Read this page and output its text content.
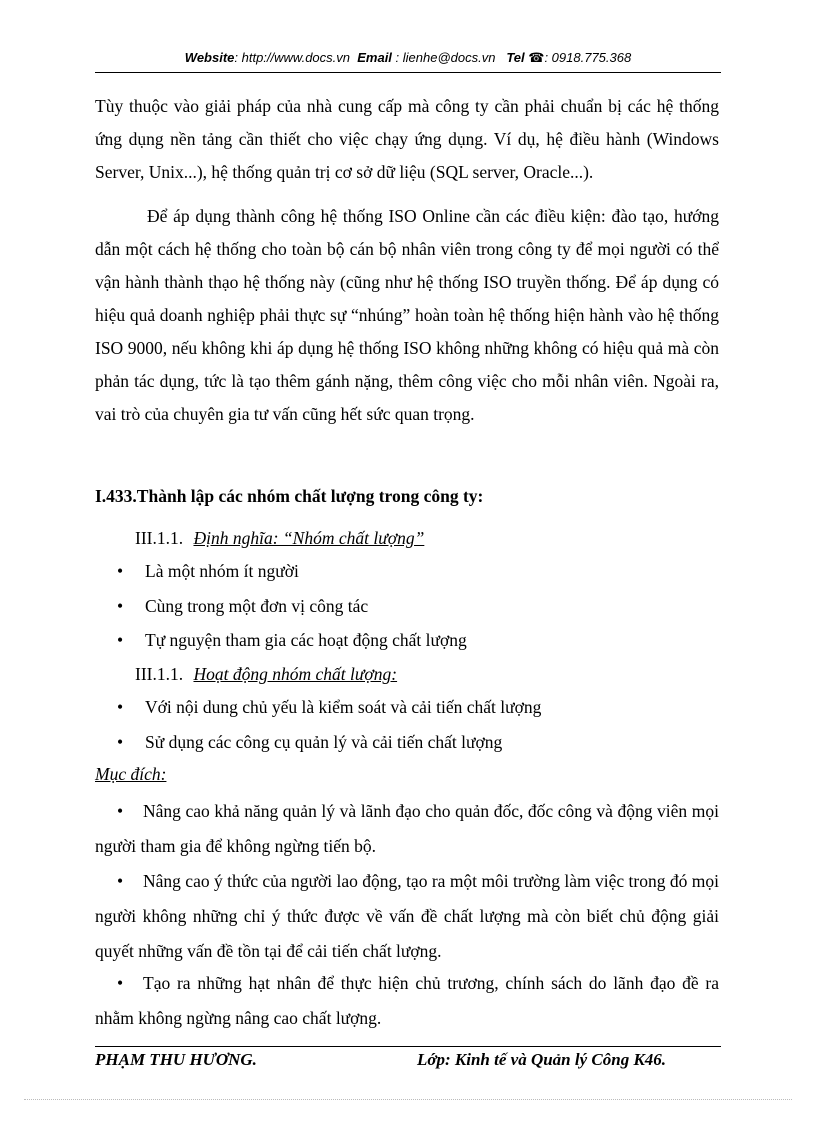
Website: http://www.docs.vn Email : lienhe@docs.vn Tel ☎: 0918.775.368
Tùy thuộc vào giải pháp của nhà cung cấp mà công ty cần phải chuẩn bị các hệ thống ứng dụng nền tảng cần thiết cho việc chạy ứng dụng. Ví dụ, hệ điều hành (Windows Server, Unix...), hệ thống quản trị cơ sở dữ liệu (SQL server, Oracle...).
Để áp dụng thành công hệ thống ISO Online cần các điều kiện: đào tạo, hướng dẫn một cách hệ thống cho toàn bộ cán bộ nhân viên trong công ty để mọi người có thể vận hành thành thạo hệ thống này (cũng như hệ thống ISO truyền thống. Để áp dụng có hiệu quả doanh nghiệp phải thực sự “nhúng” hoàn toàn hệ thống hiện hành vào hệ thống ISO 9000, nếu không khi áp dụng hệ thống ISO không những không có hiệu quả mà còn phản tác dụng, tức là tạo thêm gánh nặng, thêm công việc cho mỗi nhân viên. Ngoài ra, vai trò của chuyên gia tư vấn cũng hết sức quan trọng.
I.433.Thành lập các nhóm chất lượng trong công ty:
III.1.1. Định nghĩa: “Nhóm chất lượng”
• Là một nhóm ít người
• Cùng trong một đơn vị công tác
• Tự nguyện tham gia các hoạt động chất lượng
III.1.1. Hoạt động nhóm chất lượng:
• Với nội dung chủ yếu là kiểm soát và cải tiến chất lượng
• Sử dụng các công cụ quản lý và cải tiến chất lượng
Mục đích:
• Nâng cao khả năng quản lý và lãnh đạo cho quản đốc, đốc công và động viên mọi người tham gia để không ngừng tiến bộ.
• Nâng cao ý thức của người lao động, tạo ra một môi trường làm việc trong đó mọi người không những chỉ ý thức được về vấn đề chất lượng mà còn biết chủ động giải quyết những vấn đề tồn tại để cải tiến chất lượng.
• Tạo ra những hạt nhân để thực hiện chủ trương, chính sách do lãnh đạo đề ra nhằm không ngừng nâng cao chất lượng.
PHẠM THU HƯƠNG.	Lớp: Kinh tế và Quản lý Công K46.
